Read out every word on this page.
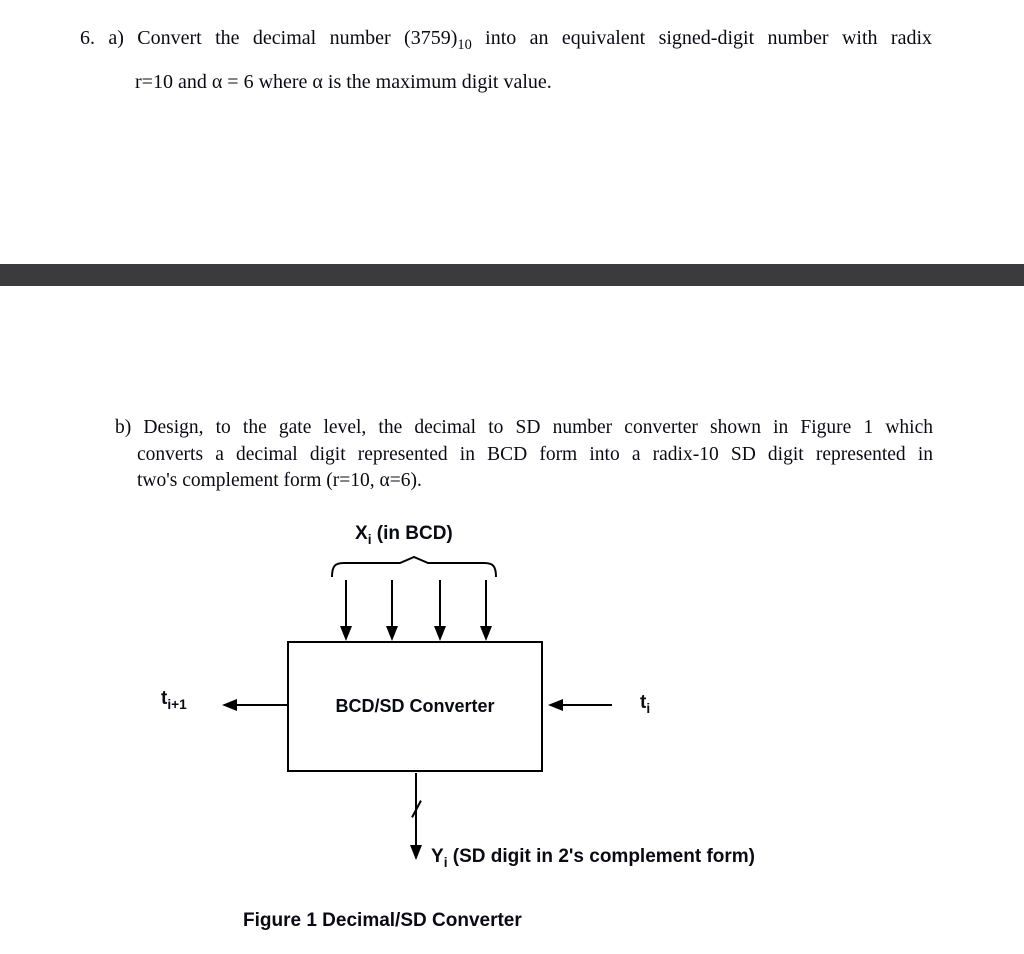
6. a) Convert the decimal number $(3759)_{10}$ into an equivalent signed-digit number with radix
r=10 and α = 6 where α is the maximum digit value.
b) Design, to the gate level, the decimal to SD number converter shown in Figure 1 which
converts a decimal digit represented in BCD form into a radix-10 SD digit represented in
two's complement form (r=10, α=6).
$X_i$ (in BCD)
BCD/SD Converter
$t_{i+1}$	$t_i$
$Y_i$ (SD digit in 2's complement form)
Figure 1 Decimal/SD Converter
